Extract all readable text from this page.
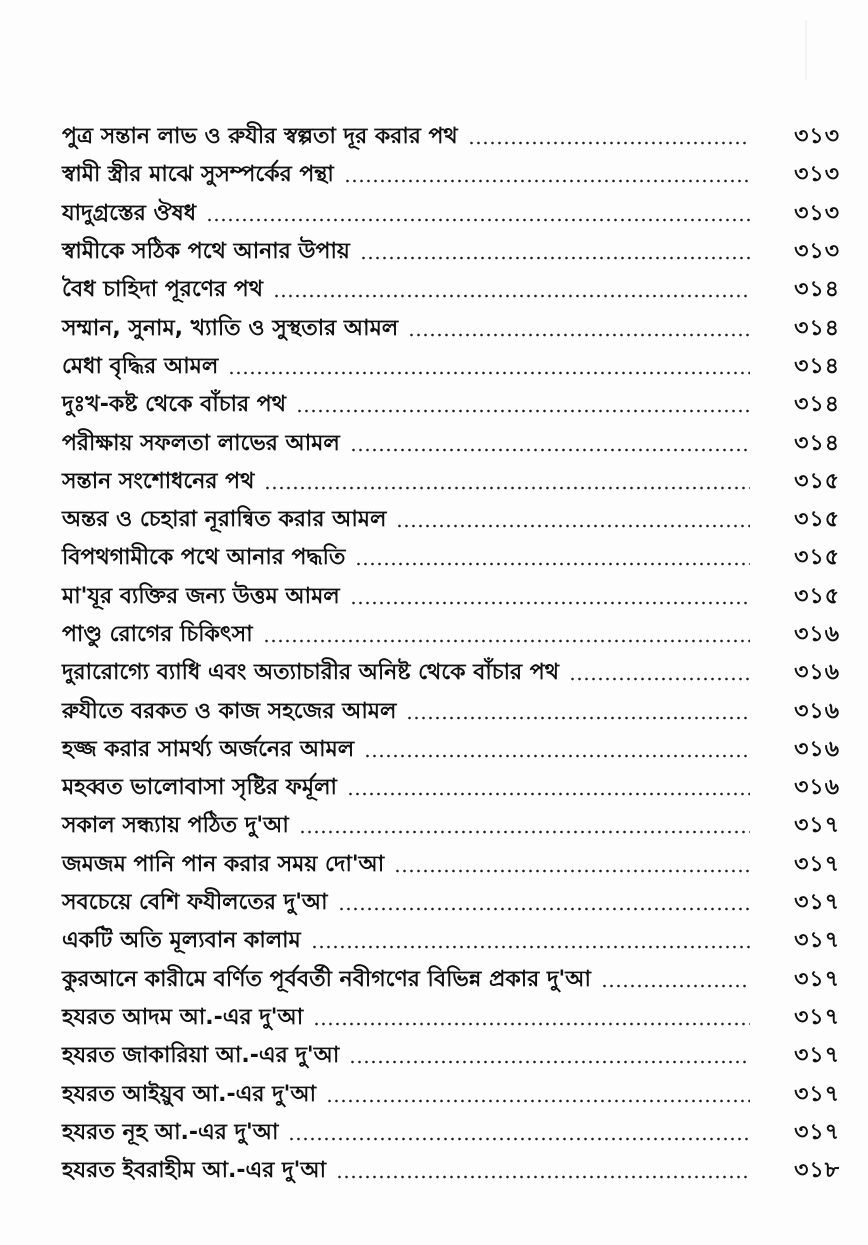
পুত্র সন্তান লাভ ও রুযীর স্বল্পতা দূর করার পথ	৩১৩
স্বামী স্ত্রীর মাঝে সুসম্পর্কের পন্থা	৩১৩
যাদুগ্রস্তের ঔষধ	৩১৩
স্বামীকে সঠিক পথে আনার উপায়	৩১৩
বৈধ চাহিদা পূরণের পথ	৩১৪
সম্মান, সুনাম, খ্যাতি ও সুস্থতার আমল	৩১৪
মেধা বৃদ্ধির আমল	৩১৪
দুঃখ-কষ্ট থেকে বাঁচার পথ	৩১৪
পরীক্ষায় সফলতা লাভের আমল	৩১৪
সন্তান সংশোধনের পথ	৩১৫
অন্তর ও চেহারা নূরান্বিত করার আমল	৩১৫
বিপথগামীকে পথে আনার পদ্ধতি	৩১৫
মা'যূর ব্যক্তির জন্য উত্তম আমল	৩১৫
পাণ্ডু রোগের চিকিৎসা	৩১৬
দুরারোগ্যে ব্যাধি এবং অত্যাচারীর অনিষ্ট থেকে বাঁচার পথ	৩১৬
রুযীতে বরকত ও কাজ সহজের আমল	৩১৬
হজ্জ করার সামর্থ্য অর্জনের আমল	৩১৬
মহব্বত ভালোবাসা সৃষ্টির ফর্মূলা	৩১৬
সকাল সন্ধ্যায় পঠিত দু'আ	৩১৭
জমজম পানি পান করার সময় দো'আ	৩১৭
সবচেয়ে বেশি ফযীলতের দু'আ	৩১৭
একটি অতি মূল্যবান কালাম	৩১৭
কুরআনে কারীমে বর্ণিত পূর্ববর্তী নবীগণের বিভিন্ন প্রকার দু'আ	৩১৭
হযরত আদম আ.-এর দু'আ	৩১৭
হযরত জাকারিয়া আ.-এর দু'আ	৩১৭
হযরত আইয়ুব আ.-এর দু'আ	৩১৭
হযরত নূহ আ.-এর দু'আ	৩১৭
হযরত ইবরাহীম আ.-এর দু'আ	৩১৮
